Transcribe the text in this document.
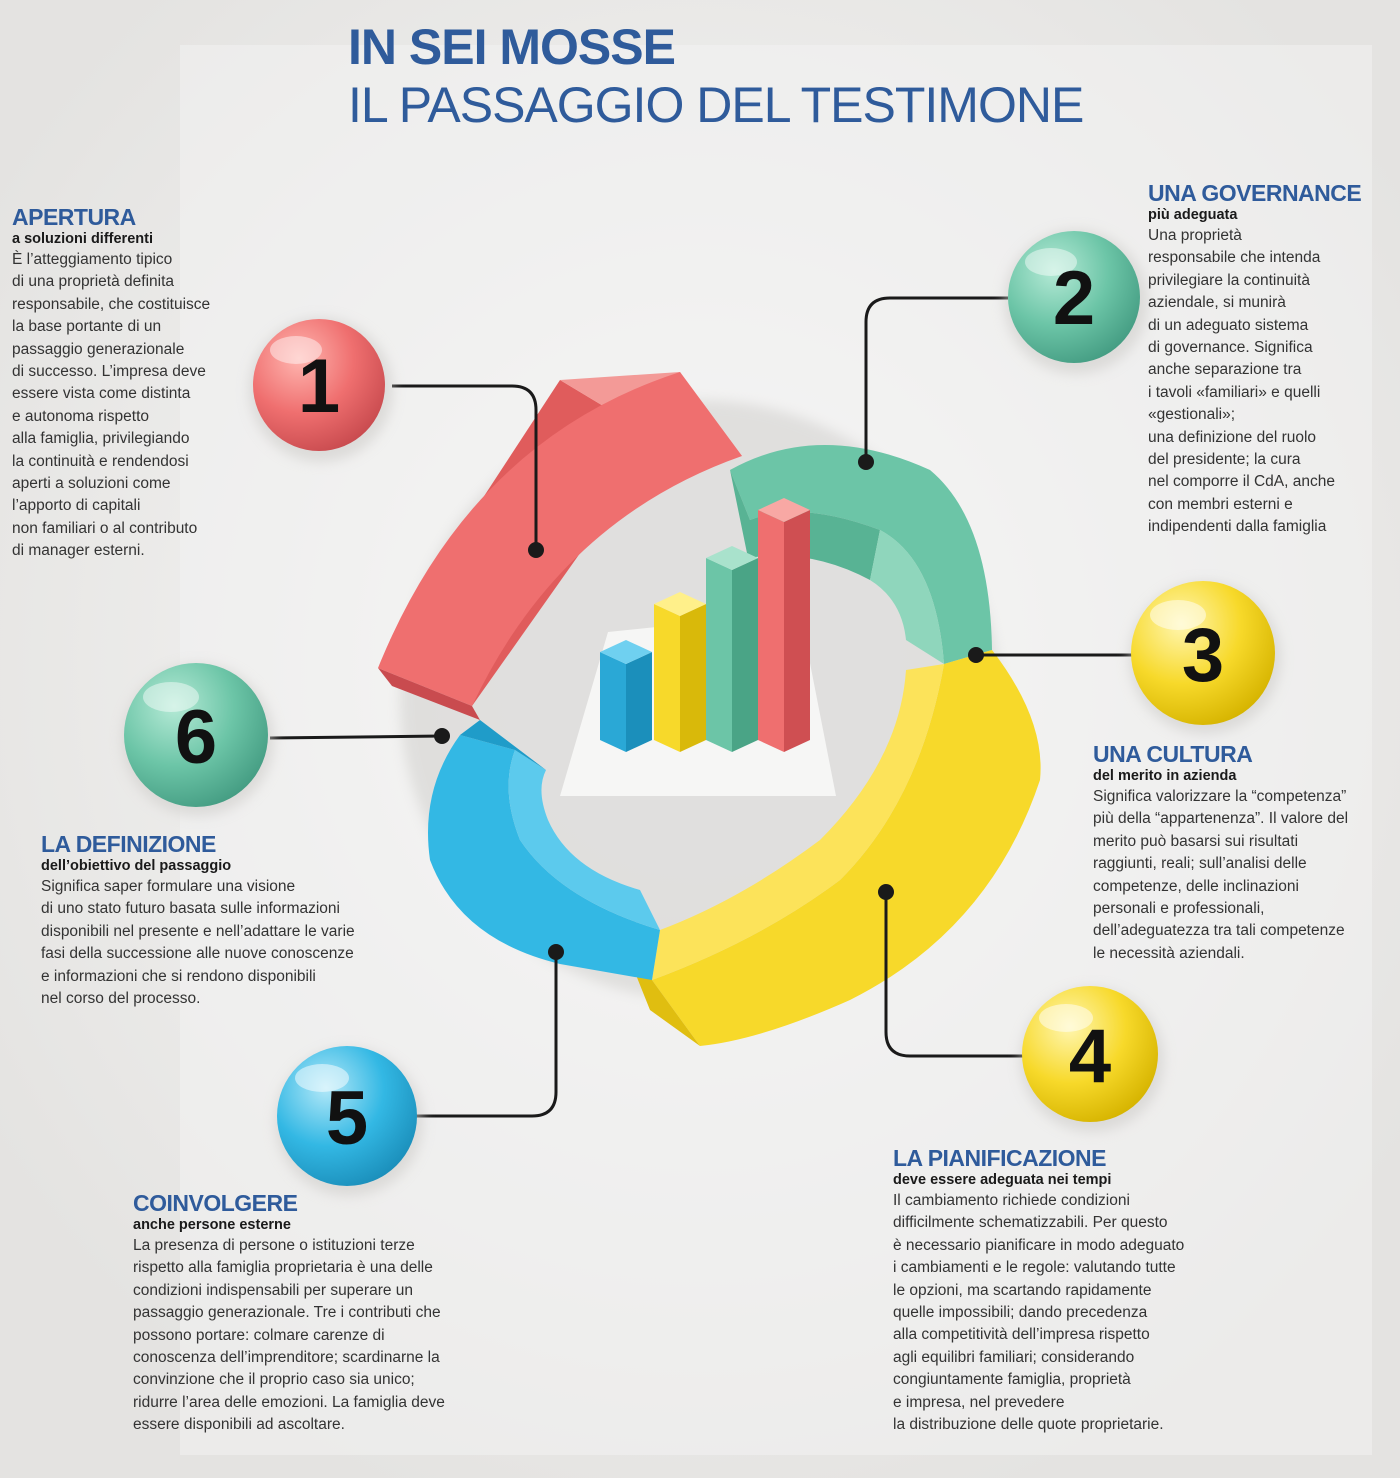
1
2
3
4
5
6
IN SEI MOSSE
IL PASSAGGIO DEL TESTIMONE
APERTURA
a soluzioni differenti
È l’atteggiamento tipico
di una proprietà definita
responsabile, che costituisce
la base portante di un
passaggio generazionale
di successo. L’impresa deve
essere vista come distinta
e autonoma rispetto
alla famiglia, privilegiando
la continuità e rendendosi
aperti a soluzioni come
l’apporto di capitali
non familiari o al contributo
di manager esterni.
UNA GOVERNANCE
più adeguata
Una proprietà
responsabile che intenda
privilegiare la continuità
aziendale, si munirà
di un adeguato sistema
di governance. Significa
anche separazione tra
i tavoli «familiari» e quelli
«gestionali»;
una definizione del ruolo
del presidente; la cura
nel comporre il CdA, anche
con membri esterni e
indipendenti dalla famiglia
UNA CULTURA
del merito in azienda
Significa valorizzare la “competenza”
più della “appartenenza”. Il valore del
merito può basarsi sui risultati
raggiunti, reali; sull’analisi delle
competenze, delle inclinazioni
personali e professionali,
dell’adeguatezza tra tali competenze
le necessità aziendali.
LA PIANIFICAZIONE
deve essere adeguata nei tempi
Il cambiamento richiede condizioni
difficilmente schematizzabili. Per questo
è necessario pianificare in modo adeguato
i cambiamenti e le regole: valutando tutte
le opzioni, ma scartando rapidamente
quelle impossibili; dando precedenza
alla competitività dell’impresa rispetto
agli equilibri familiari; considerando
congiuntamente famiglia, proprietà
e impresa, nel prevedere
la distribuzione delle quote proprietarie.
COINVOLGERE
anche persone esterne
La presenza di persone o istituzioni terze
rispetto alla famiglia proprietaria è una delle
condizioni indispensabili per superare un
passaggio generazionale. Tre i contributi che
possono portare: colmare carenze di
conoscenza dell’imprenditore; scardinarne la
convinzione che il proprio caso sia unico;
ridurre l’area delle emozioni. La famiglia deve
essere disponibili ad ascoltare.
LA DEFINIZIONE
dell’obiettivo del passaggio
Significa saper formulare una visione
di uno stato futuro basata sulle informazioni
disponibili nel presente e nell’adattare le varie
fasi della successione alle nuove conoscenze
e informazioni che si rendono disponibili
nel corso del processo.
